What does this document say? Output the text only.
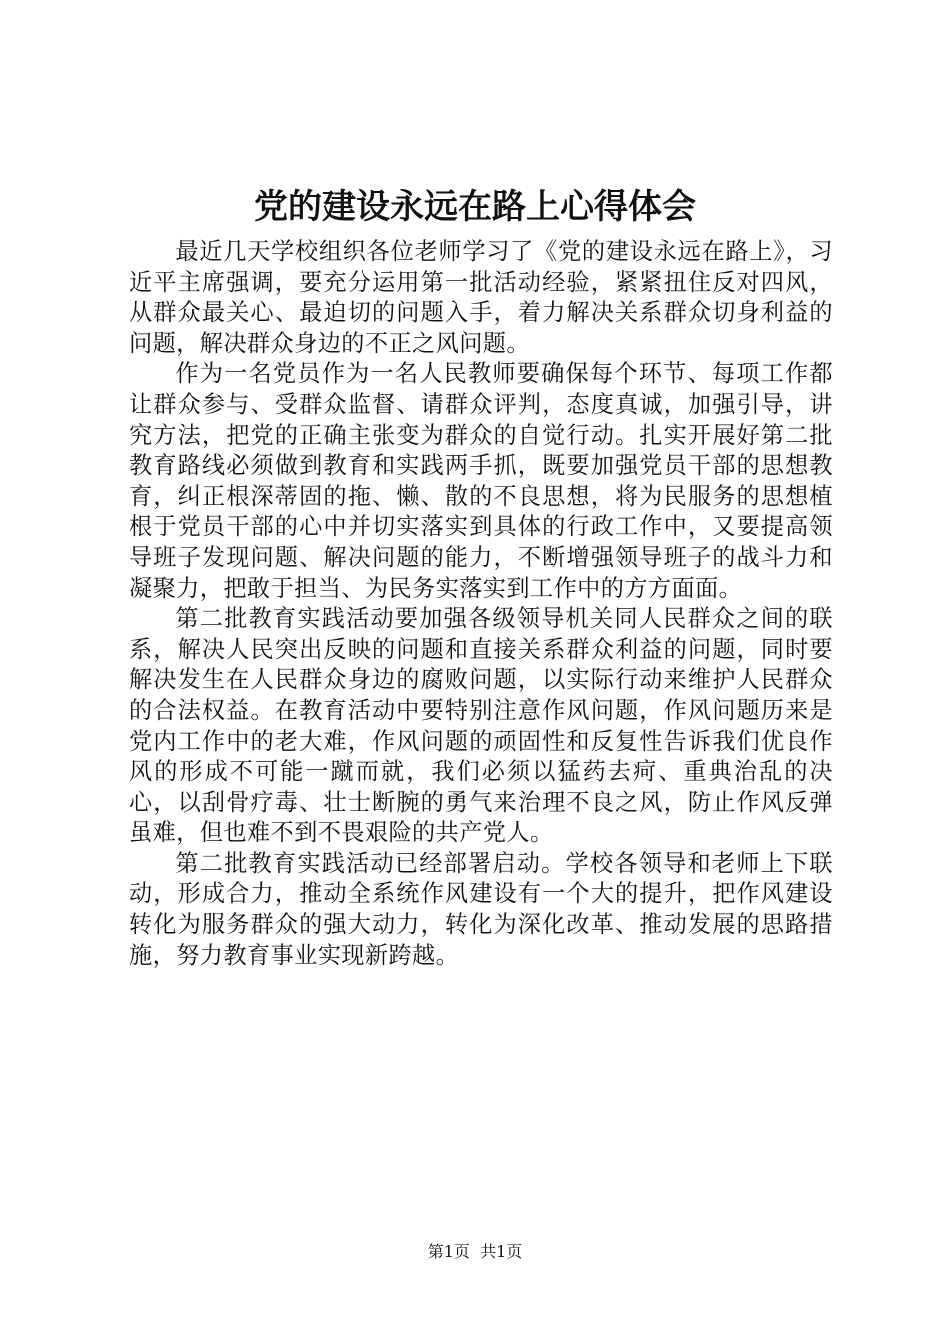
党的建设永远在路上心得体会

最近几天学校组织各位老师学习了《党的建设永远在路上》，习近平主席强调，要充分运用第一批活动经验，紧紧扭住反对四风，从群众最关心、最迫切的问题入手，着力解决关系群众切身利益的问题，解决群众身边的不正之风问题。

作为一名党员作为一名人民教师要确保每个环节、每项工作都让群众参与、受群众监督、请群众评判，态度真诚，加强引导，讲究方法，把党的正确主张变为群众的自觉行动。扎实开展好第二批教育路线必须做到教育和实践两手抓，既要加强党员干部的思想教育，纠正根深蒂固的拖、懒、散的不良思想，将为民服务的思想植根于党员干部的心中并切实落实到具体的行政工作中，又要提高领导班子发现问题、解决问题的能力，不断增强领导班子的战斗力和凝聚力，把敢于担当、为民务实落实到工作中的方方面面。

第二批教育实践活动要加强各级领导机关同人民群众之间的联系，解决人民突出反映的问题和直接关系群众利益的问题，同时要解决发生在人民群众身边的腐败问题，以实际行动来维护人民群众的合法权益。在教育活动中要特别注意作风问题，作风问题历来是党内工作中的老大难，作风问题的顽固性和反复性告诉我们优良作风的形成不可能一蹴而就，我们必须以猛药去疴、重典治乱的决心，以刮骨疗毒、壮士断腕的勇气来治理不良之风，防止作风反弹虽难，但也难不到不畏艰险的共产党人。

第二批教育实践活动已经部署启动。学校各领导和老师上下联动，形成合力，推动全系统作风建设有一个大的提升，把作风建设转化为服务群众的强大动力，转化为深化改革、推动发展的思路措施，努力教育事业实现新跨越。

第1页  共1页
